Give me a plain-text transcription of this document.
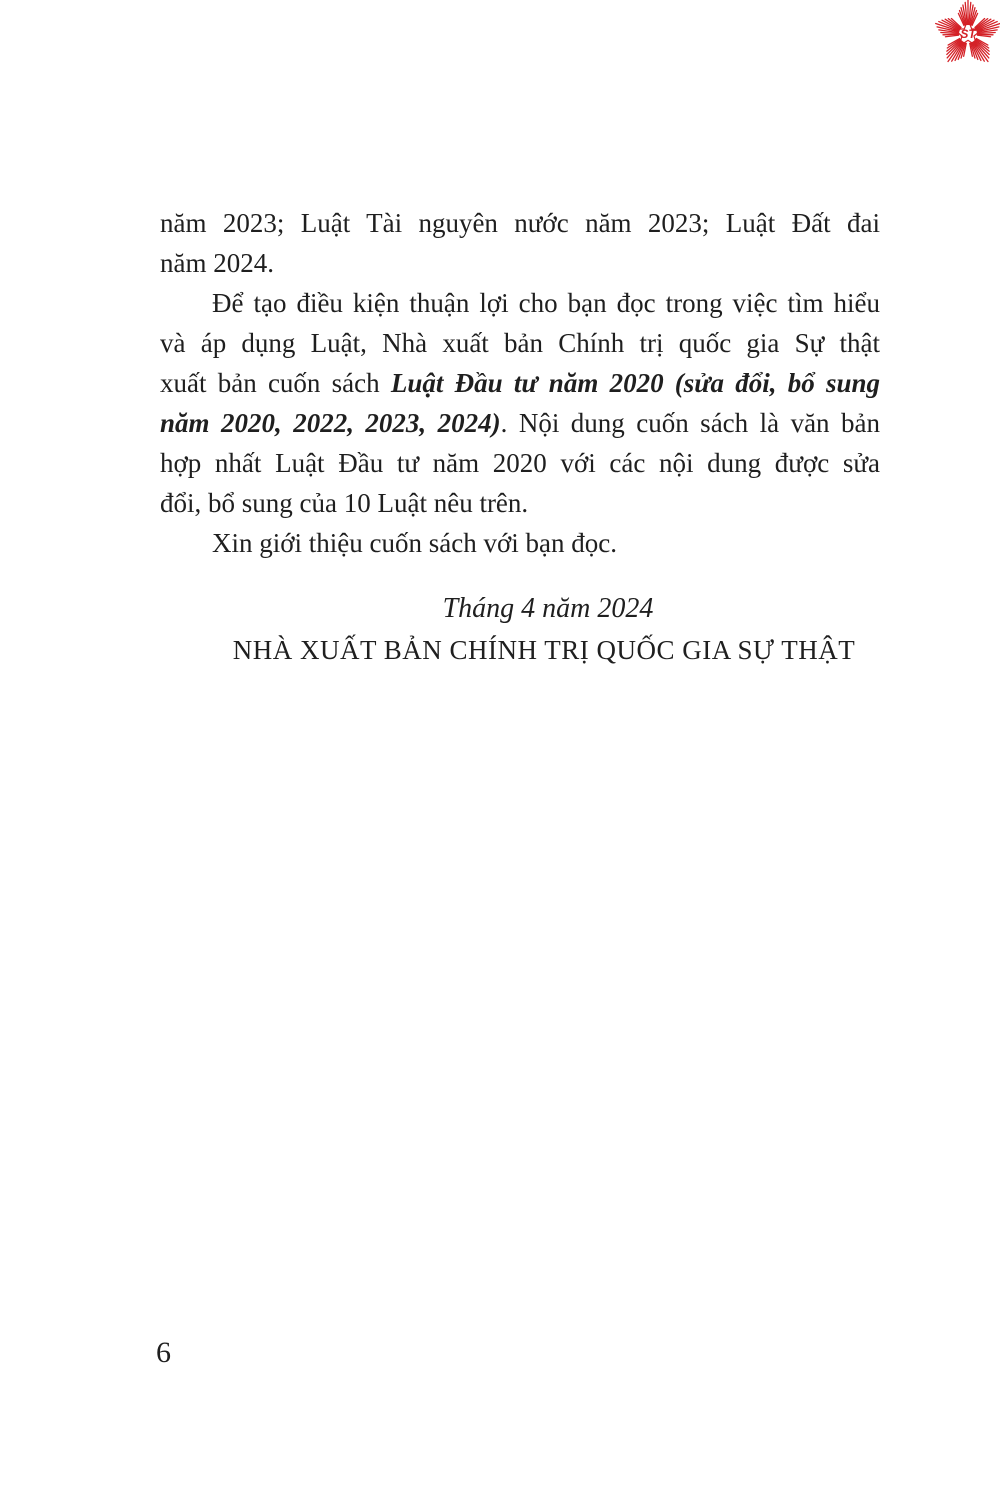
ST
năm 2023; Luật Tài nguyên nước năm 2023; Luật Đất đai
năm 2024.
Để tạo điều kiện thuận lợi cho bạn đọc trong việc tìm hiểu
và áp dụng Luật, Nhà xuất bản Chính trị quốc gia Sự thật
xuất bản cuốn sách Luật Đầu tư năm 2020 (sửa đổi, bổ sung
năm 2020, 2022, 2023, 2024). Nội dung cuốn sách là văn bản
hợp nhất Luật Đầu tư năm 2020 với các nội dung được sửa
đổi, bổ sung của 10 Luật nêu trên.
Xin giới thiệu cuốn sách với bạn đọc.
Tháng 4 năm 2024
NHÀ XUẤT BẢN CHÍNH TRỊ QUỐC GIA SỰ THẬT
6
